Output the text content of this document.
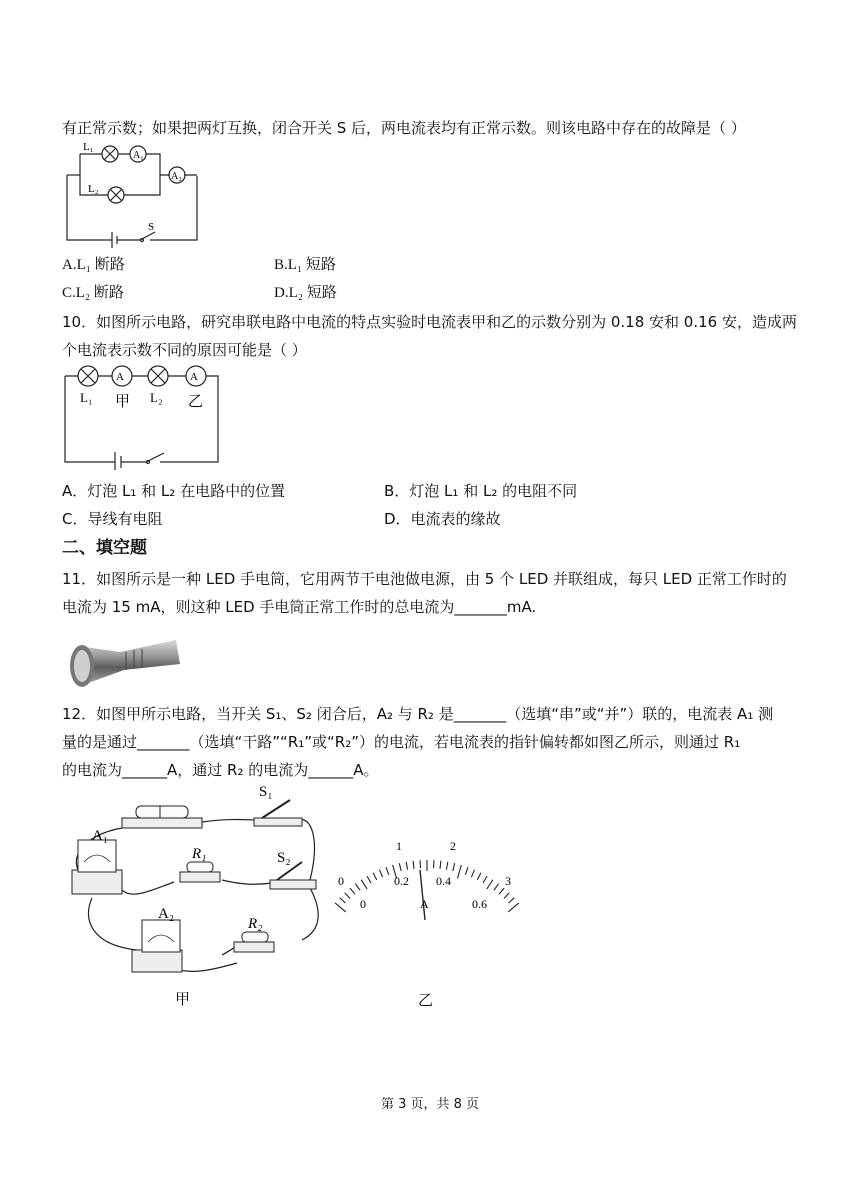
有正常示数；如果把两灯互换，闭合开关 S 后，两电流表均有正常示数。则该电路中存在的故障是（ ）
L₁
A₁
L₂
A₂
S
A.L₁ 断路	B.L₁ 短路
C.L₂ 断路	D.L₂ 短路
10．如图所示电路，研究串联电路中电流的特点实验时电流表甲和乙的示数分别为 0.18 安和 0.16 安，造成两
个电流表示数不同的原因可能是（ ）
A	A
L₁ 甲 L₂ 乙
A．灯泡 L₁ 和 L₂ 在电路中的位置	B．灯泡 L₁ 和 L₂ 的电阻不同
C．导线有电阻	D．电流表的缘故
二、填空题
11．如图所示是一种 LED 手电筒，它用两节干电池做电源，由 5 个 LED 并联组成，每只 LED 正常工作时的
电流为 15 mA，则这种 LED 手电筒正常工作时的总电流为_______mA.
12．如图甲所示电路，当开关 S₁、S₂ 闭合后，A₂ 与 R₂ 是_______（选填“串”或“并”）联的，电流表 A₁ 测
量的是通过_______（选填“干路”“R₁”或“R₂”）的电流，若电流表的指针偏转都如图乙所示，则通过 R₁
的电流为______A，通过 R₂ 的电流为______A。
S₁
A₁
R₁	S₂
A₂
R₂
甲
0
1	2
3
0
0.2 0.4
0.6
A
乙
第 3 页，共 8 页
